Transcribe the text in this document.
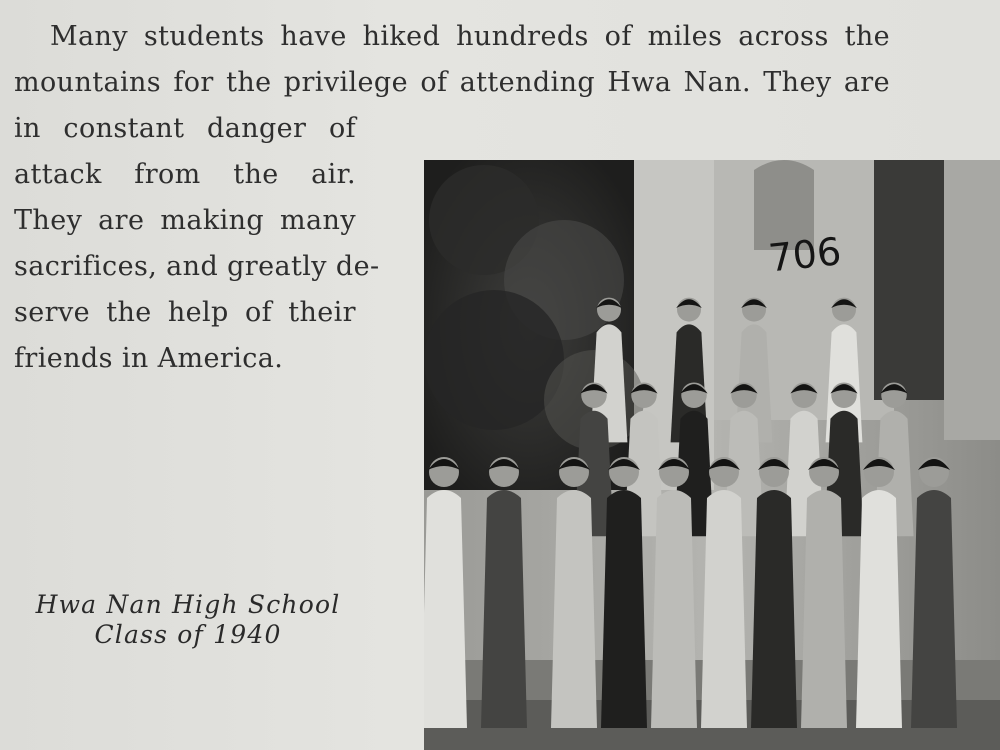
Many students have hiked hundreds of miles across the

mountains for the privilege of attending Hwa Nan. They are

in constant danger of

attack from the air.

They are making many

sacrifices, and greatly de-

serve the help of their

friends in America.

Hwa Nan High School
Class of 1940
706
